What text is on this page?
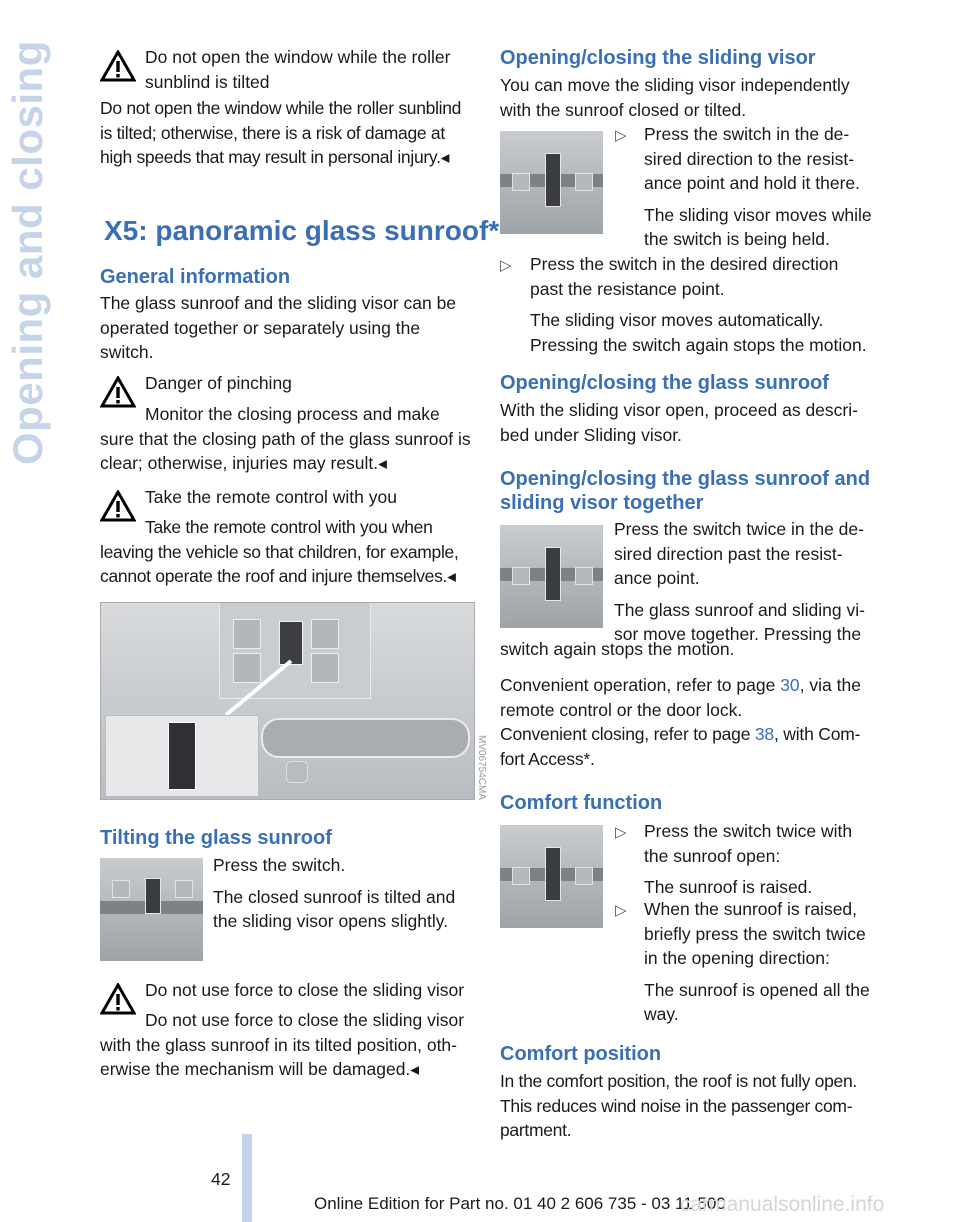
Opening and closing	Do not open the window while the roller
sunblind is tilted
Do not open the window while the roller sunblind
is tilted; otherwise, there is a risk of damage at
high speeds that may result in personal injury.◂
X5: panoramic glass sunroof*
General information
The glass sunroof and the sliding visor can be
operated together or separately using the
switch.
Danger of pinching
Monitor the closing process and make
sure that the closing path of the glass sunroof is
clear; otherwise, injuries may result.◂
Take the remote control with you
Take the remote control with you when
leaving the vehicle so that children, for example,
cannot operate the roof and injure themselves.◂
MV06754CMA
Tilting the glass sunroof
Press the switch.
The closed sunroof is tilted and
the sliding visor opens slightly.
Do not use force to close the sliding visor
Do not use force to close the sliding visor
with the glass sunroof in its tilted position, oth-
erwise the mechanism will be damaged.◂
Opening/closing the sliding visor
You can move the sliding visor independently
with the sunroof closed or tilted.
▷ Press the switch in the de-
sired direction to the resist-
ance point and hold it there.
The sliding visor moves while
the switch is being held.
▷ Press the switch in the desired direction
past the resistance point.
The sliding visor moves automatically.
Pressing the switch again stops the motion.
Opening/closing the glass sunroof
With the sliding visor open, proceed as descri-
bed under Sliding visor.
Opening/closing the glass sunroof and
sliding visor together
Press the switch twice in the de-
sired direction past the resist-
ance point.
The glass sunroof and sliding vi-
sor move together. Pressing the
switch again stops the motion.
Convenient operation, refer to page 30, via the
remote control or the door lock.
Convenient closing, refer to page 38, with Com-
fort Access*.
Comfort function
▷ Press the switch twice with
the sunroof open:
The sunroof is raised.
▷ When the sunroof is raised,
briefly press the switch twice
in the opening direction:
The sunroof is opened all the
way.
Comfort position
In the comfort position, the roof is not fully open.
This reduces wind noise in the passenger com-
partment.
42
Online Edition for Part no. 01 40 2 606 735 - 03 11 500
carmanualsonline.info
